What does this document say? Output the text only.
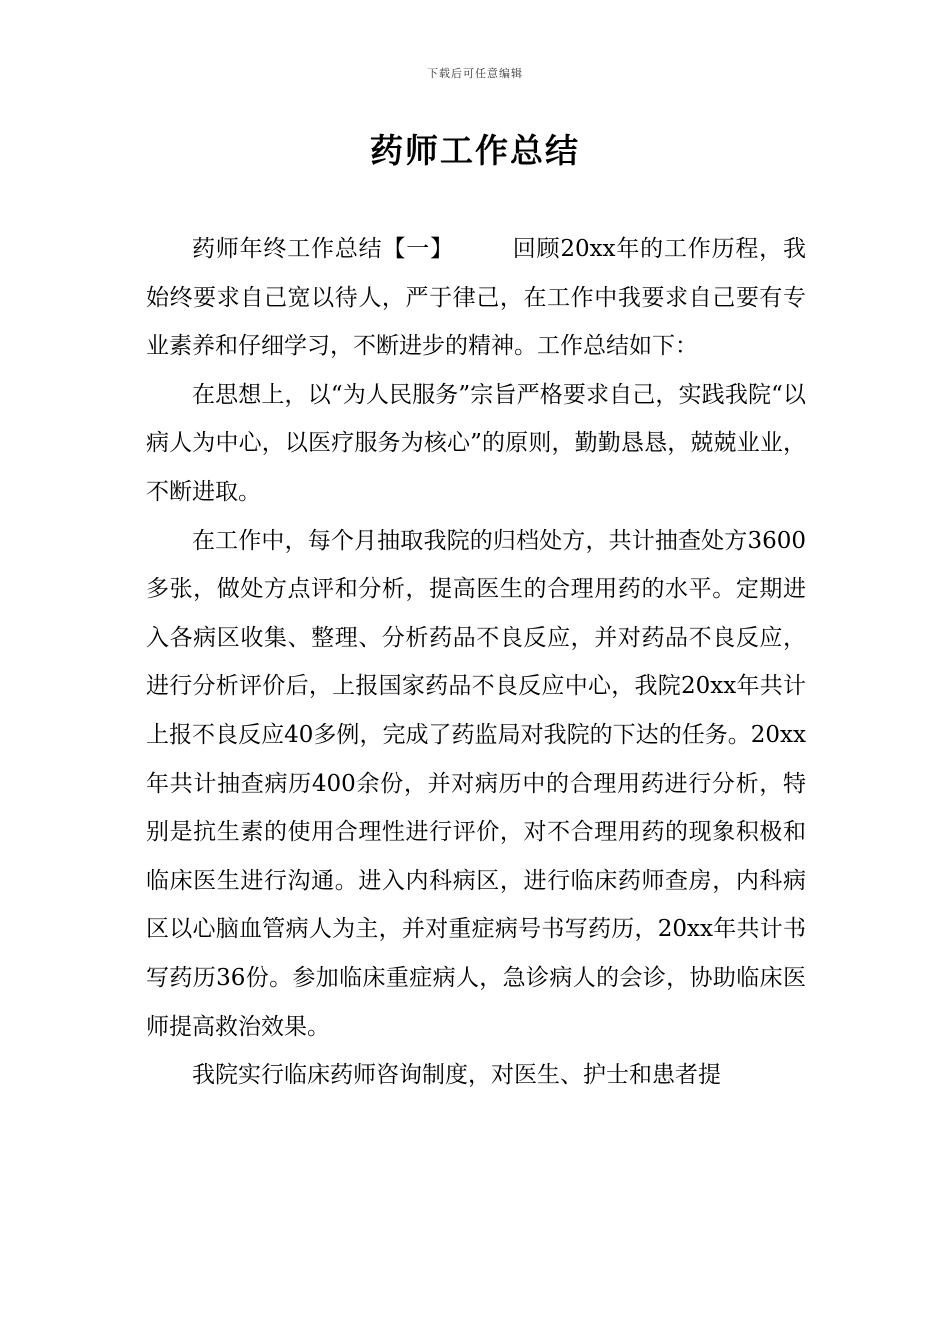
下载后可任意编辑
药师工作总结

药师年终工作总结【一】	回顾20xx年的工作历程，我始终要求自己宽以待人，严于律己，在工作中我要求自己要有专业素养和仔细学习，不断进步的精神。工作总结如下：

在思想上，以“为人民服务”宗旨严格要求自己，实践我院“以病人为中心，以医疗服务为核心”的原则，勤勤恳恳，兢兢业业，不断进取。

在工作中，每个月抽取我院的归档处方，共计抽查处方3600多张，做处方点评和分析，提高医生的合理用药的水平。定期进入各病区收集、整理、分析药品不良反应，并对药品不良反应，进行分析评价后，上报国家药品不良反应中心，我院20xx年共计上报不良反应40多例，完成了药监局对我院的下达的任务。20xx年共计抽查病历400余份，并对病历中的合理用药进行分析，特别是抗生素的使用合理性进行评价，对不合理用药的现象积极和临床医生进行沟通。进入内科病区，进行临床药师查房，内科病区以心脑血管病人为主，并对重症病号书写药历，20xx年共计书写药历36份。参加临床重症病人，急诊病人的会诊，协助临床医师提高救治效果。

我院实行临床药师咨询制度，对医生、护士和患者提
